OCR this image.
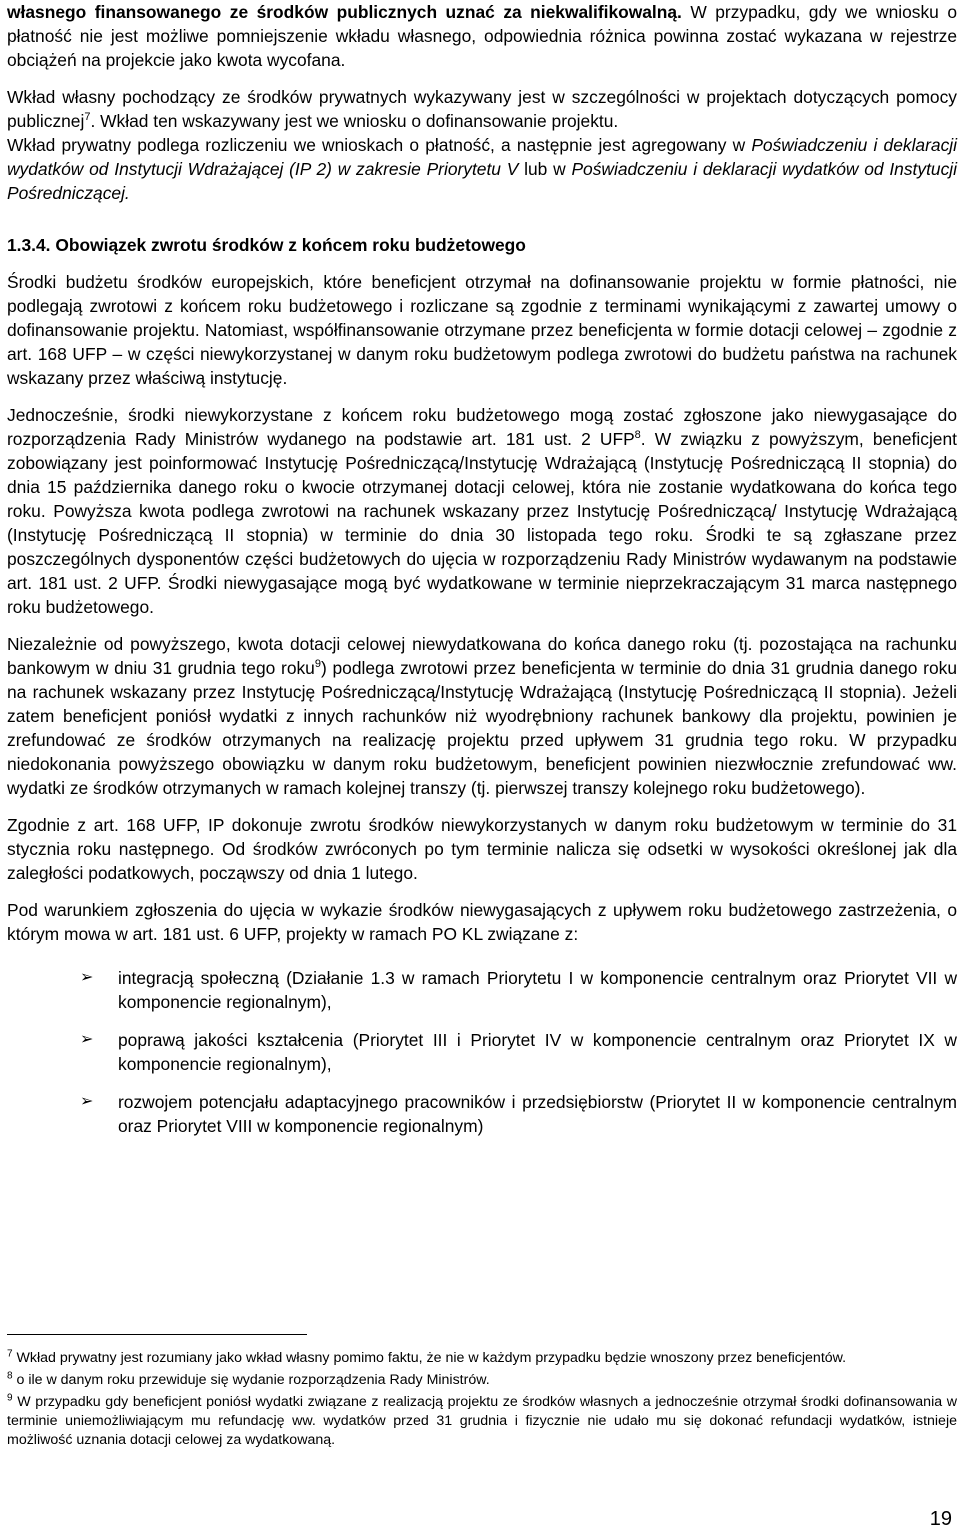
własnego finansowanego ze środków publicznych uznać za niekwalifikowalną. W przypadku, gdy we wniosku o płatność nie jest możliwe pomniejszenie wkładu własnego, odpowiednia różnica powinna zostać wykazana w rejestrze obciążeń na projekcie jako kwota wycofana.

Wkład własny pochodzący ze środków prywatnych wykazywany jest w szczególności w projektach dotyczących pomocy publicznej$^7$. Wkład ten wskazywany jest we wniosku o dofinansowanie projektu.

Wkład prywatny podlega rozliczeniu we wnioskach o płatność, a następnie jest agregowany w Poświadczeniu i deklaracji wydatków od Instytucji Wdrażającej (IP 2) w zakresie Priorytetu V lub w Poświadczeniu i deklaracji wydatków od Instytucji Pośredniczącej.

1.3.4. Obowiązek zwrotu środków z końcem roku budżetowego

Środki budżetu środków europejskich, które beneficjent otrzymał na dofinansowanie projektu w formie płatności, nie podlegają zwrotowi z końcem roku budżetowego i rozliczane są zgodnie z terminami wynikającymi z zawartej umowy o dofinansowanie projektu. Natomiast, współfinansowanie otrzymane przez beneficjenta w formie dotacji celowej – zgodnie z art. 168 UFP – w części niewykorzystanej w danym roku budżetowym podlega zwrotowi do budżetu państwa na rachunek wskazany przez właściwą instytucję.

Jednocześnie, środki niewykorzystane z końcem roku budżetowego mogą zostać zgłoszone jako niewygasające do rozporządzenia Rady Ministrów wydanego na podstawie art. 181 ust. 2 UFP$^8$. W związku z powyższym, beneficjent zobowiązany jest poinformować Instytucję Pośredniczącą/Instytucję Wdrażającą (Instytucję Pośredniczącą II stopnia) do dnia 15 października danego roku o kwocie otrzymanej dotacji celowej, która nie zostanie wydatkowana do końca tego roku. Powyższa kwota podlega zwrotowi na rachunek wskazany przez Instytucję Pośredniczącą/ Instytucję Wdrażającą (Instytucję Pośredniczącą II stopnia) w terminie do dnia 30 listopada tego roku. Środki te są zgłaszane przez poszczególnych dysponentów części budżetowych do ujęcia w rozporządzeniu Rady Ministrów wydawanym na podstawie art. 181 ust. 2 UFP. Środki niewygasające mogą być wydatkowane w terminie nieprzekraczającym 31 marca następnego roku budżetowego.

Niezależnie od powyższego, kwota dotacji celowej niewydatkowana do końca danego roku (tj. pozostająca na rachunku bankowym w dniu 31 grudnia tego roku$^9$) podlega zwrotowi przez beneficjenta w terminie do dnia 31 grudnia danego roku na rachunek wskazany przez Instytucję Pośredniczącą/Instytucję Wdrażającą (Instytucję Pośredniczącą II stopnia). Jeżeli zatem beneficjent poniósł wydatki z innych rachunków niż wyodrębniony rachunek bankowy dla projektu, powinien je zrefundować ze środków otrzymanych na realizację projektu przed upływem 31 grudnia tego roku. W przypadku niedokonania powyższego obowiązku w danym roku budżetowym, beneficjent powinien niezwłocznie zrefundować ww. wydatki ze środków otrzymanych w ramach kolejnej transzy (tj. pierwszej transzy kolejnego roku budżetowego).

Zgodnie z art. 168 UFP, IP dokonuje zwrotu środków niewykorzystanych w danym roku budżetowym w terminie do 31 stycznia roku następnego. Od środków zwróconych po tym terminie nalicza się odsetki w wysokości określonej jak dla zaległości podatkowych, począwszy od dnia 1 lutego.

Pod warunkiem zgłoszenia do ujęcia w wykazie środków niewygasających z upływem roku budżetowego zastrzeżenia, o którym mowa w art. 181 ust. 6 UFP, projekty w ramach PO KL związane z:

➢ integracją społeczną (Działanie 1.3 w ramach Priorytetu I w komponencie centralnym oraz Priorytet VII w komponencie regionalnym),
➢ poprawą jakości kształcenia (Priorytet III i Priorytet IV w komponencie centralnym oraz Priorytet IX w komponencie regionalnym),
➢ rozwojem potencjału adaptacyjnego pracowników i przedsiębiorstw (Priorytet II w komponencie centralnym oraz Priorytet VIII w komponencie regionalnym)

$^7$ Wkład prywatny jest rozumiany jako wkład własny pomimo faktu, że nie w każdym przypadku będzie wnoszony przez beneficjentów.

$^8$ o ile w danym roku przewiduje się wydanie rozporządzenia Rady Ministrów.

$^9$ W przypadku gdy beneficjent poniósł wydatki związane z realizacją projektu ze środków własnych a jednocześnie otrzymał środki dofinansowania w terminie uniemożliwiającym mu refundację ww. wydatków przed 31 grudnia i fizycznie nie udało mu się dokonać refundacji wydatków, istnieje możliwość uznania dotacji celowej za wydatkowaną.

19
